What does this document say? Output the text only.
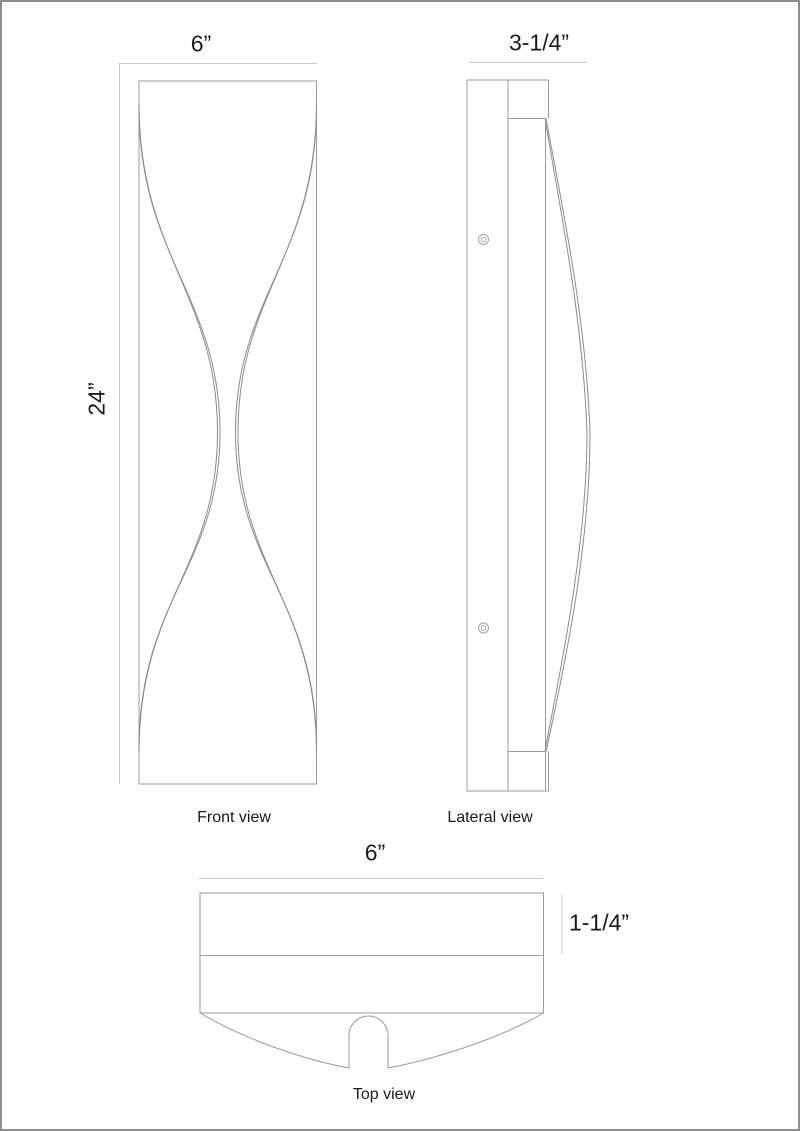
6”
24”
3-1/4”
Front view	Lateral view
6”
1-1/4”
Top view
